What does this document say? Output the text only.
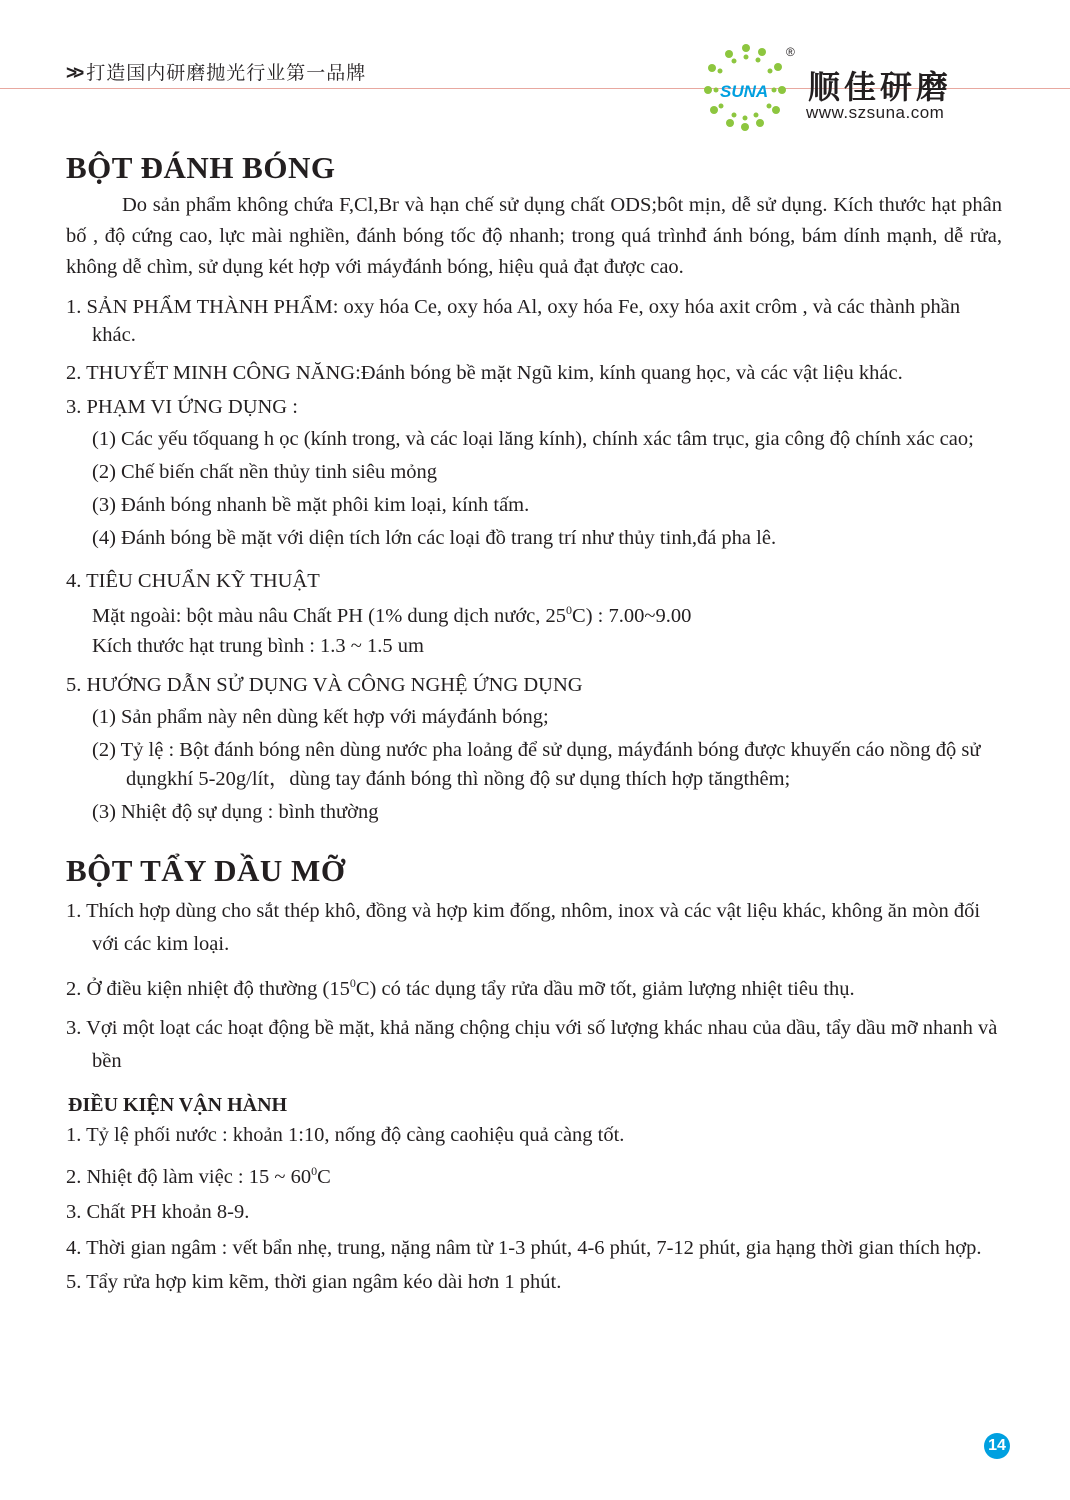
>> 打造国内研磨抛光行业第一品牌
SUNA
®
顺佳研磨
www.szsuna.com
BỘT ĐÁNH BÓNG

Do sản phẩm không chứa F,Cl,Br và hạn chế sử dụng chất ODS;bôt mịn, dễ sử dụng. Kích thước hạt phân bố , độ cứng cao, lực mài nghiền, đánh bóng tốc độ nhanh; trong quá trìnhđ ánh bóng, bám dính mạnh, dễ rửa, không dễ chìm, sử dụng két hợp với máyđánh bóng, hiệu quả đạt được cao.

1. SẢN PHẨM THÀNH PHẨM: oxy hóa Ce, oxy hóa Al, oxy hóa Fe, oxy hóa axit crôm , và các thành phần khác.
2. THUYẾT MINH CÔNG NĂNG:Đánh bóng bề mặt Ngũ kim, kính quang học, và các vật liệu khác.
3. PHẠM VI ỨNG DỤNG :
(1) Các yếu tốquang h ọc (kính trong, và các loại lăng kính), chính xác tâm trục, gia công độ chính xác cao;
(2) Chế biến chất nền thủy tinh siêu mỏng
(3) Đánh bóng nhanh bề mặt phôi kim loại, kính tấm.
(4) Đánh bóng bề mặt với diện tích lớn các loại đồ trang trí như thủy tinh,đá pha lê.
4. TIÊU CHUẨN KỸ THUẬT
Mặt ngoài: bột màu nâu Chất PH (1% dung dịch nước, $25^0C$) : 7.00~9.00
Kích thước hạt trung bình : 1.3 ~ 1.5 um
5. HƯỚNG DẪN SỬ DỤNG VÀ CÔNG NGHỆ ỨNG DỤNG
(1) Sản phẩm này nên dùng kết hợp với máyđánh bóng;
(2) Tỷ lệ : Bột đánh bóng nên dùng nước pha loảng để sử dụng, máyđánh bóng được khuyến cáo nồng độ sử dụngkhí 5-20g/lít，dùng tay đánh bóng thì nồng độ sư dụng thích hợp tăngthêm;
(3) Nhiệt độ sự dụng : bình thường
BỘT TẨY DẦU MỠ
1. Thích hợp dùng cho sắt thép khô, đồng và hợp kim đống, nhôm, inox và các vật liệu khác, không ăn mòn đối với các kim loại.
2. Ở điều kiện nhiệt độ thường $(15^0C)$ có tác dụng tẩy rửa dầu mỡ tốt, giảm lượng nhiệt tiêu thụ.
3. Vợi một loạt các hoạt động bề mặt, khả năng chộng chịu với số lượng khác nhau của dầu, tẩy dầu mỡ nhanh và bền
ĐIỀU KIỆN VẬN HÀNH
1. Tỷ lệ phối nước : khoản 1:10, nống độ càng caohiệu quả càng tốt.
2. Nhiệt độ làm việc : 15 ~ $60^0C$
3. Chất PH khoản 8-9.
4. Thời gian ngâm : vết bẩn nhẹ, trung, nặng nâm từ 1-3 phút, 4-6 phút, 7-12 phút, gia hạng thời gian thích hợp.
5. Tẩy rửa hợp kim kẽm, thời gian ngâm kéo dài hơn 1 phút.
14
